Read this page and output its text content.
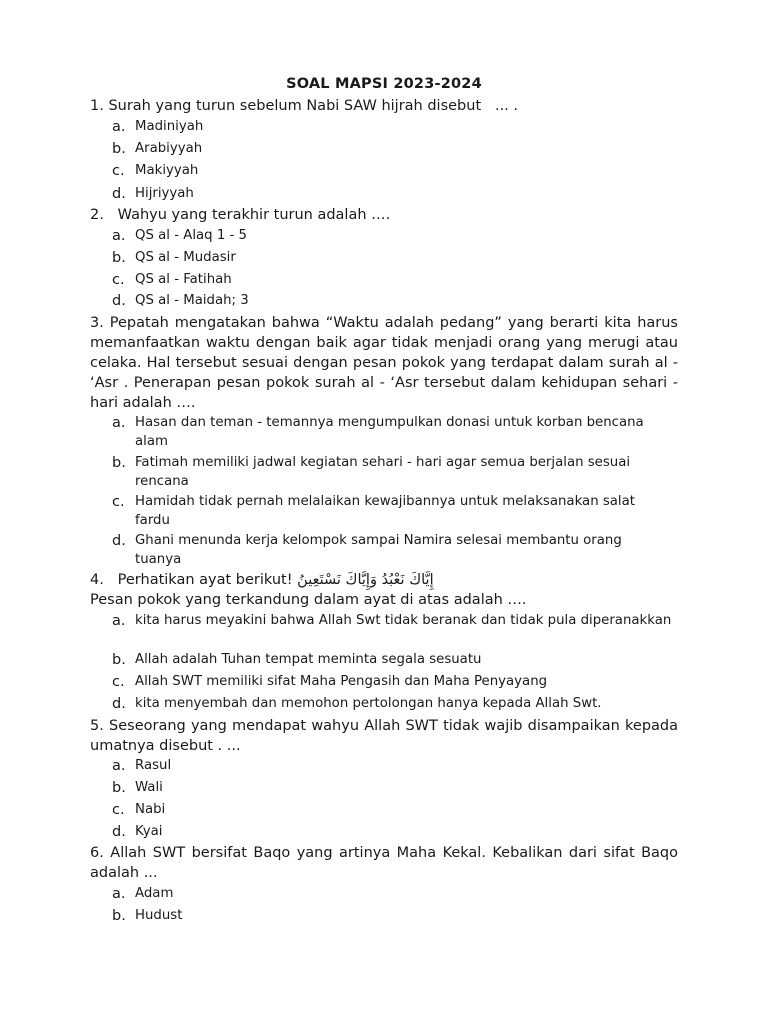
SOAL MAPSI 2023-2024
1. Surah yang turun sebelum Nabi SAW hijrah disebut   ... .
a. Madiniyah
b. Arabiyyah
c. Makiyyah
d. Hijriyyah
2.   Wahyu yang terakhir turun adalah ….
a. QS al - Alaq 1 - 5
b. QS al - Mudasir
c. QS al - Fatihah
d. QS al - Maidah; 3
3. Pepatah mengatakan bahwa “Waktu adalah pedang” yang berarti kita harus memanfaatkan waktu dengan baik agar tidak menjadi orang yang merugi atau celaka. Hal tersebut sesuai dengan pesan pokok yang terdapat dalam surah al - ‘Asr . Penerapan pesan pokok surah al - ‘Asr tersebut dalam kehidupan sehari - hari adalah ….
a. Hasan dan teman - temannya mengumpulkan donasi untuk korban bencana alam
b. Fatimah memiliki jadwal kegiatan sehari - hari agar semua berjalan sesuai rencana
c. Hamidah tidak pernah melalaikan kewajibannya untuk melaksanakan salat fardu
d. Ghani menunda kerja kelompok sampai Namira selesai membantu orang tuanya
4.   Perhatikan ayat berikut! إِيَّاكَ نَعْبُدُ وَإِيَّاكَ نَسْتَعِينُ
Pesan pokok yang terkandung dalam ayat di atas adalah ….
a. kita harus meyakini bahwa Allah Swt tidak beranak dan tidak pula diperanakkan
b. Allah adalah Tuhan tempat meminta segala sesuatu
c. Allah SWT memiliki sifat Maha Pengasih dan Maha Penyayang
d. kita menyembah dan memohon pertolongan hanya kepada Allah Swt.
5. Seseorang yang mendapat wahyu Allah SWT tidak wajib disampaikan kepada umatnya disebut . ...
a. Rasul
b. Wali
c. Nabi
d. Kyai
6. Allah SWT bersifat Baqo yang artinya Maha Kekal. Kebalikan dari sifat Baqo adalah ...
a. Adam
b. Hudust
